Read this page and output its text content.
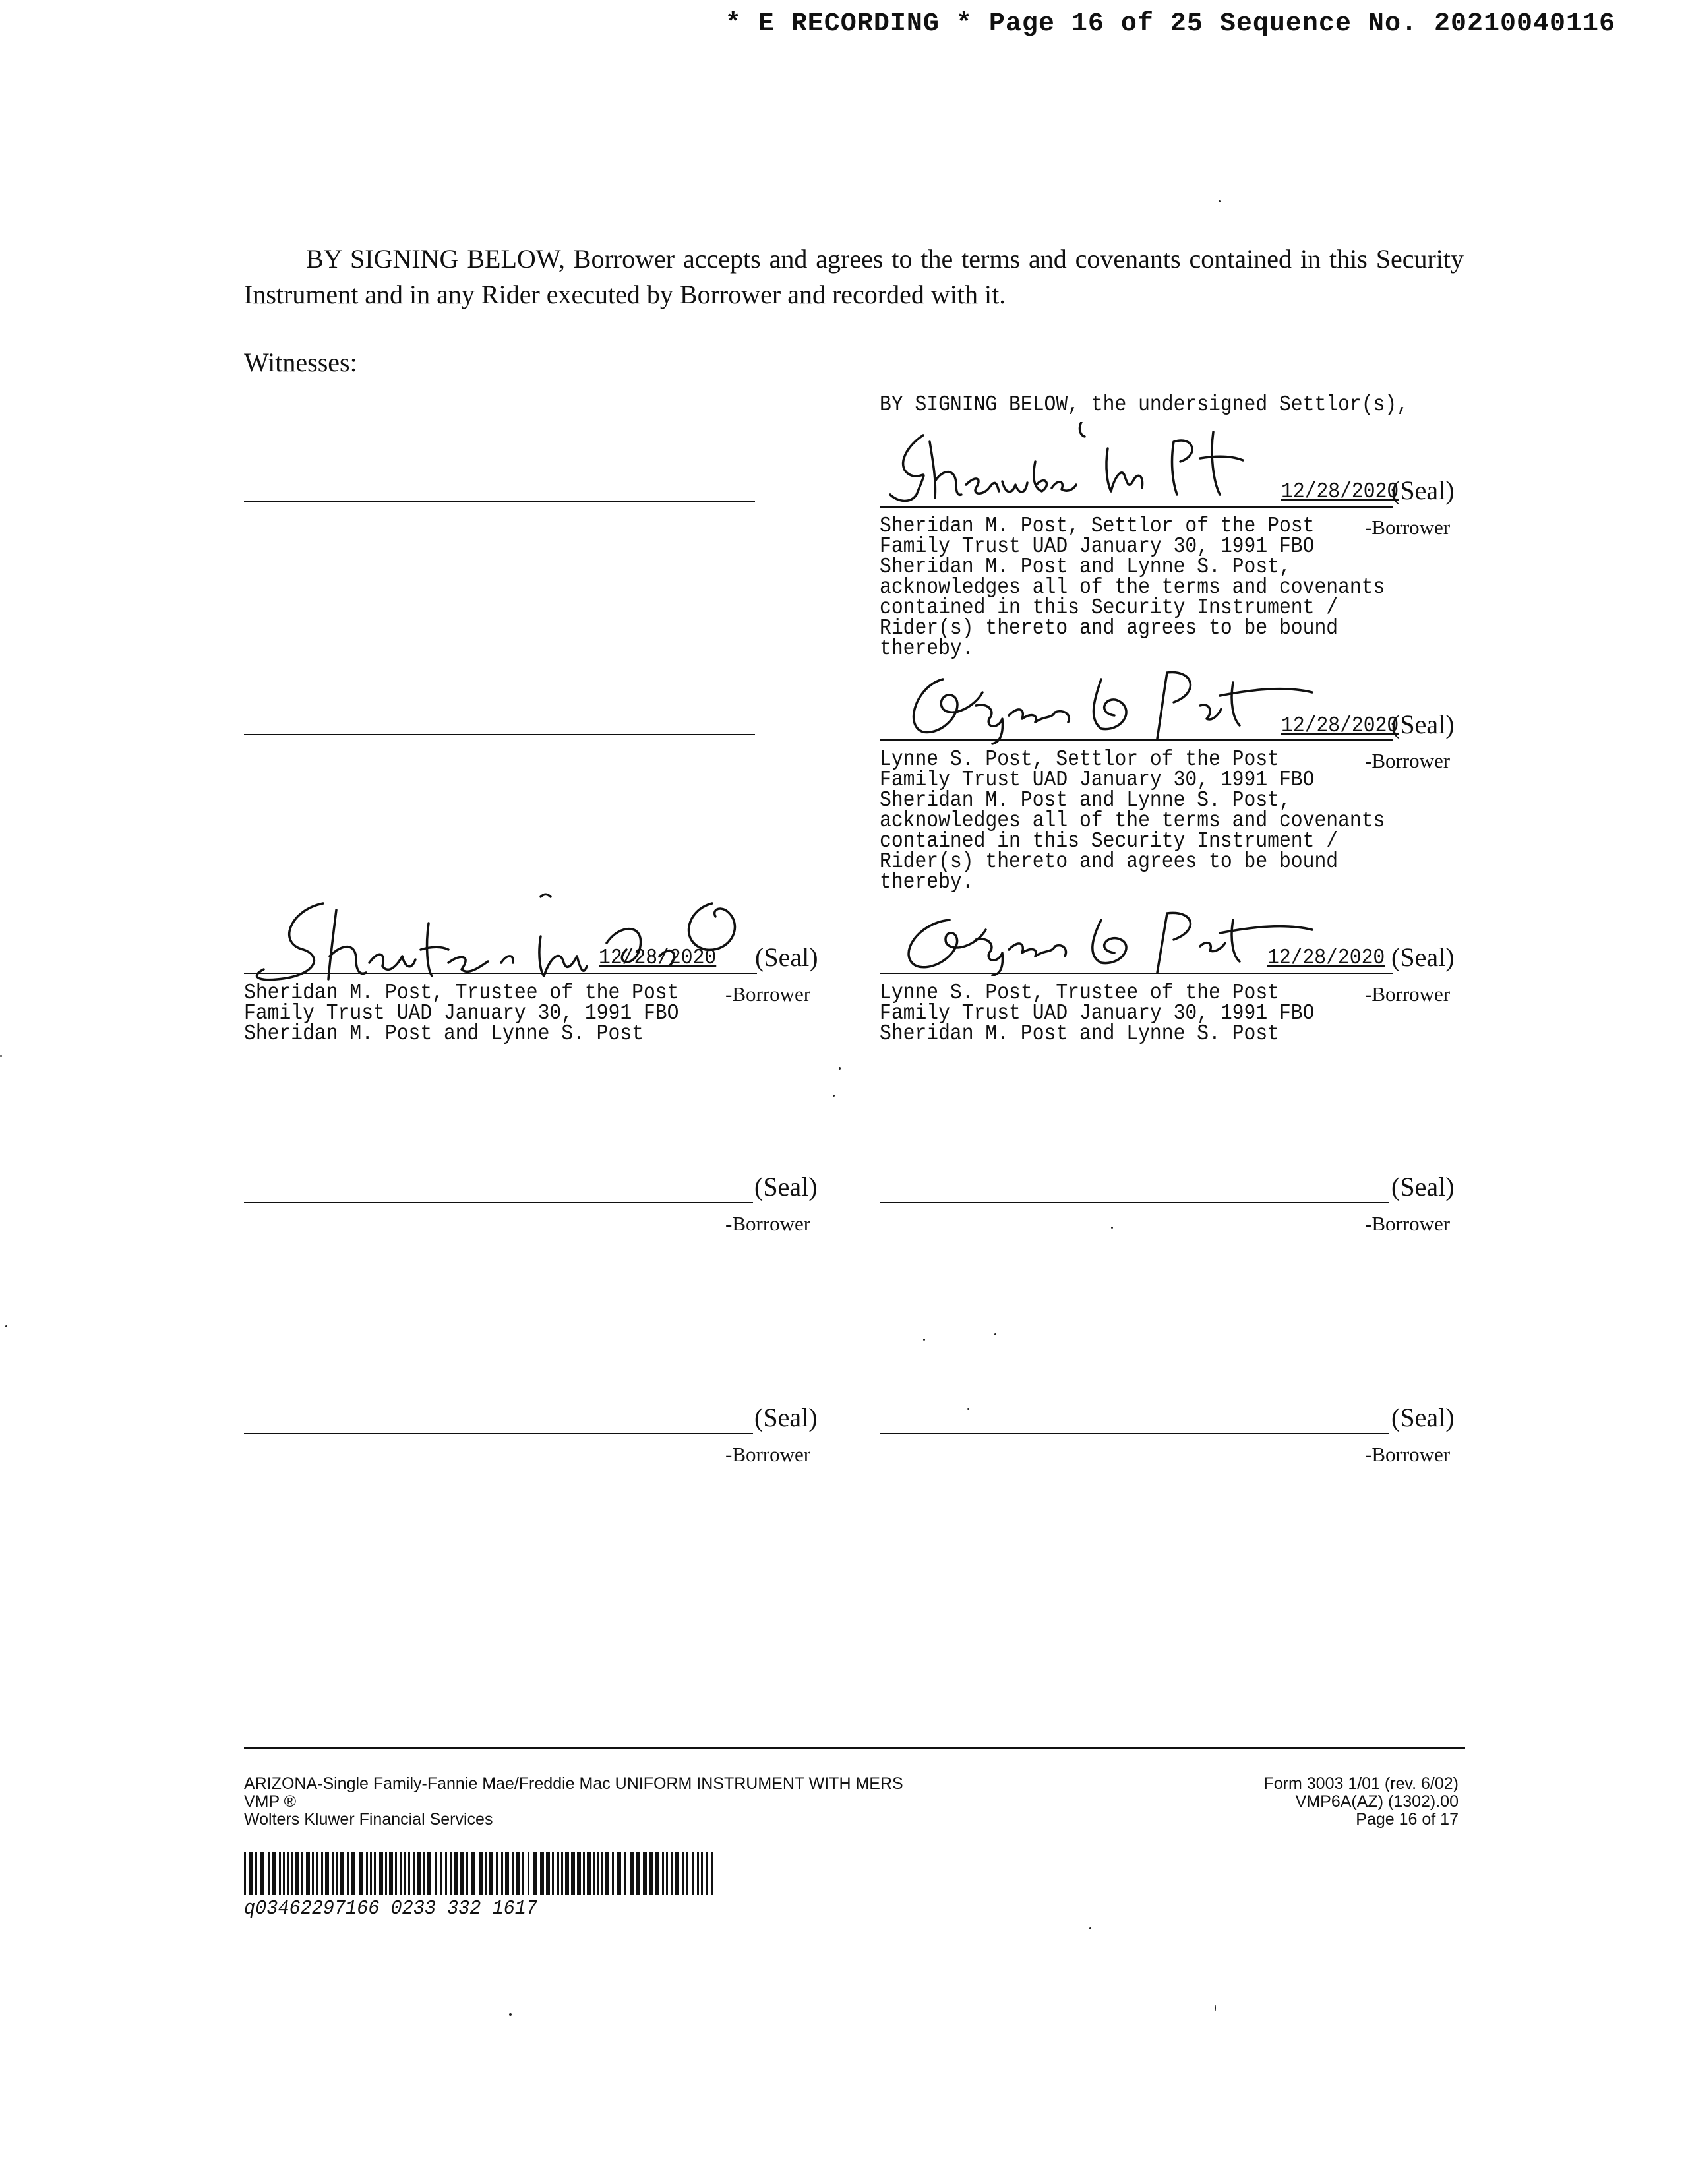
* E RECORDING * Page 16 of 25 Sequence No. 20210040116
BY SIGNING BELOW, Borrower accepts and agrees to the terms and covenants contained in this Security Instrument and in any Rider executed by Borrower and recorded with it.
Witnesses:
BY SIGNING BELOW, the undersigned Settlor(s),
12/28/2020
(Seal)
-Borrower
Sheridan M. Post, Settlor of the Post
Family Trust UAD January 30, 1991 FBO
Sheridan M. Post and Lynne S. Post,
acknowledges all of the terms and covenants
contained in this Security Instrument /
Rider(s) thereto and agrees to be bound
thereby.
12/28/2020
(Seal)
-Borrower
Lynne S. Post, Settlor of the Post
Family Trust UAD January 30, 1991 FBO
Sheridan M. Post and Lynne S. Post,
acknowledges all of the terms and covenants
contained in this Security Instrument /
Rider(s) thereto and agrees to be bound
thereby.
12/28/2020 (Seal)
-Borrower
Sheridan M. Post, Trustee of the Post
Family Trust UAD January 30, 1991 FBO
Sheridan M. Post and Lynne S. Post
12/28/2020 (Seal)
-Borrower
Lynne S. Post, Trustee of the Post
Family Trust UAD January 30, 1991 FBO
Sheridan M. Post and Lynne S. Post
(Seal)
-Borrower
(Seal)
-Borrower
(Seal)
-Borrower
(Seal)
-Borrower
ARIZONA-Single Family-Fannie Mae/Freddie Mac UNIFORM INSTRUMENT WITH MERS
VMP ®
Wolters Kluwer Financial Services
Form 3003 1/01 (rev. 6/02)
VMP6A(AZ) (1302).00
Page 16 of 17
q03462297166 0233 332 1617
